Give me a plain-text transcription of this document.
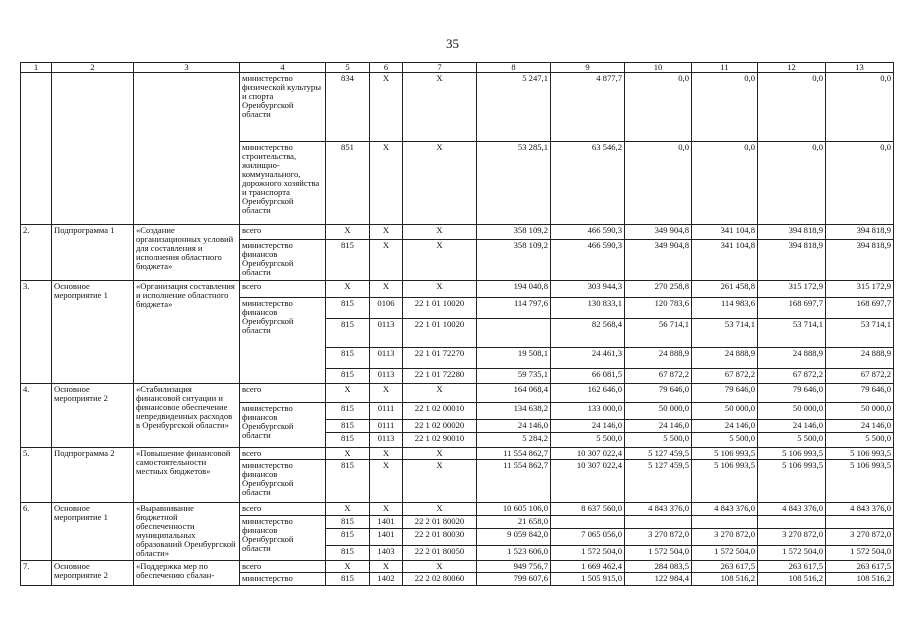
35
1	2	3	4	5	6	7	8	9	10	11	12	13
			министерство физической культуры и спорта Оренбургской области	834	X	X	5 247,1	4 877,7	0,0	0,0	0,0	0,0
			министерство строительства, жилищно-коммунального, дорожного хозяйства и транспорта Оренбургской области	851	X	X	53 285,1	63 546,2	0,0	0,0	0,0	0,0
2.	Подпрограмма 1	«Создание организационных условий для составления и исполнения областного бюджета»	всего	X	X	X	358 109,2	466 590,3	349 904,8	341 104,8	394 818,9	394 818,9
			министерство финансов Оренбургской области	815	X	X	358 109,2	466 590,3	349 904,8	341 104,8	394 818,9	394 818,9
3.	Основное мероприятие 1	«Организация составления и исполнение областного бюджета»	всего	X	X	X	194 040,8	303 944,3	270 258,8	261 458,8	315 172,9	315 172,9
			министерство финансов Оренбургской области	815	0106	22 1 01 10020	114 797,6	130 833,1	120 783,6	114 983,6	168 697,7	168 697,7
				815	0113	22 1 01 10020		82 568,4	56 714,1	53 714,1	53 714,1	53 714,1
				815	0113	22 1 01 72270	19 508,1	24 461,3	24 888,9	24 888,9	24 888,9	24 888,9
				815	0113	22 1 01 72280	59 735,1	66 081,5	67 872,2	67 872,2	67 872,2	67 872,2
4.	Основное мероприятие 2	«Стабилизация финансовой ситуации и финансовое обеспечение непредвиденных расходов в Оренбургской области»	всего	X	X	X	164 068,4	162 646,0	79 646,0	79 646,0	79 646,0	79 646,0
			министерство финансов Оренбургской области	815	0111	22 1 02 00010	134 638,2	133 000,0	50 000,0	50 000,0	50 000,0	50 000,0
				815	0111	22 1 02 00020	24 146,0	24 146,0	24 146,0	24 146,0	24 146,0	24 146,0
				815	0113	22 1 02 90010	5 284,2	5 500,0	5 500,0	5 500,0	5 500,0	5 500,0
5.	Подпрограмма 2	«Повышение финансовой самостоятельности местных бюджетов»	всего	X	X	X	11 554 862,7	10 307 022,4	5 127 459,5	5 106 993,5	5 106 993,5	5 106 993,5
			министерство финансов Оренбургской области	815	X	X	11 554 862,7	10 307 022,4	5 127 459,5	5 106 993,5	5 106 993,5	5 106 993,5
6.	Основное мероприятие 1	«Выравнивание бюджетной обеспеченности муниципальных образований Оренбургской области»	всего	X	X	X	10 605 106,0	8 637 560,0	4 843 376,0	4 843 376,0	4 843 376,0	4 843 376,0
			министерство финансов Оренбургской области	815	1401	22 2 01 80020	21 658,0					
				815	1401	22 2 01 80030	9 059 842,0	7 065 056,0	3 270 872,0	3 270 872,0	3 270 872,0	3 270 872,0
				815	1403	22 2 01 80050	1 523 606,0	1 572 504,0	1 572 504,0	1 572 504,0	1 572 504,0	1 572 504,0
7.	Основное мероприятие 2	«Поддержка мер по обеспечению сбалан-	всего	X	X	X	949 756,7	1 669 462,4	284 083,5	263 617,5	263 617,5	263 617,5
			министерство	815	1402	22 2 02 80060	799 607,6	1 505 915,0	122 984,4	108 516,2	108 516,2	108 516,2
